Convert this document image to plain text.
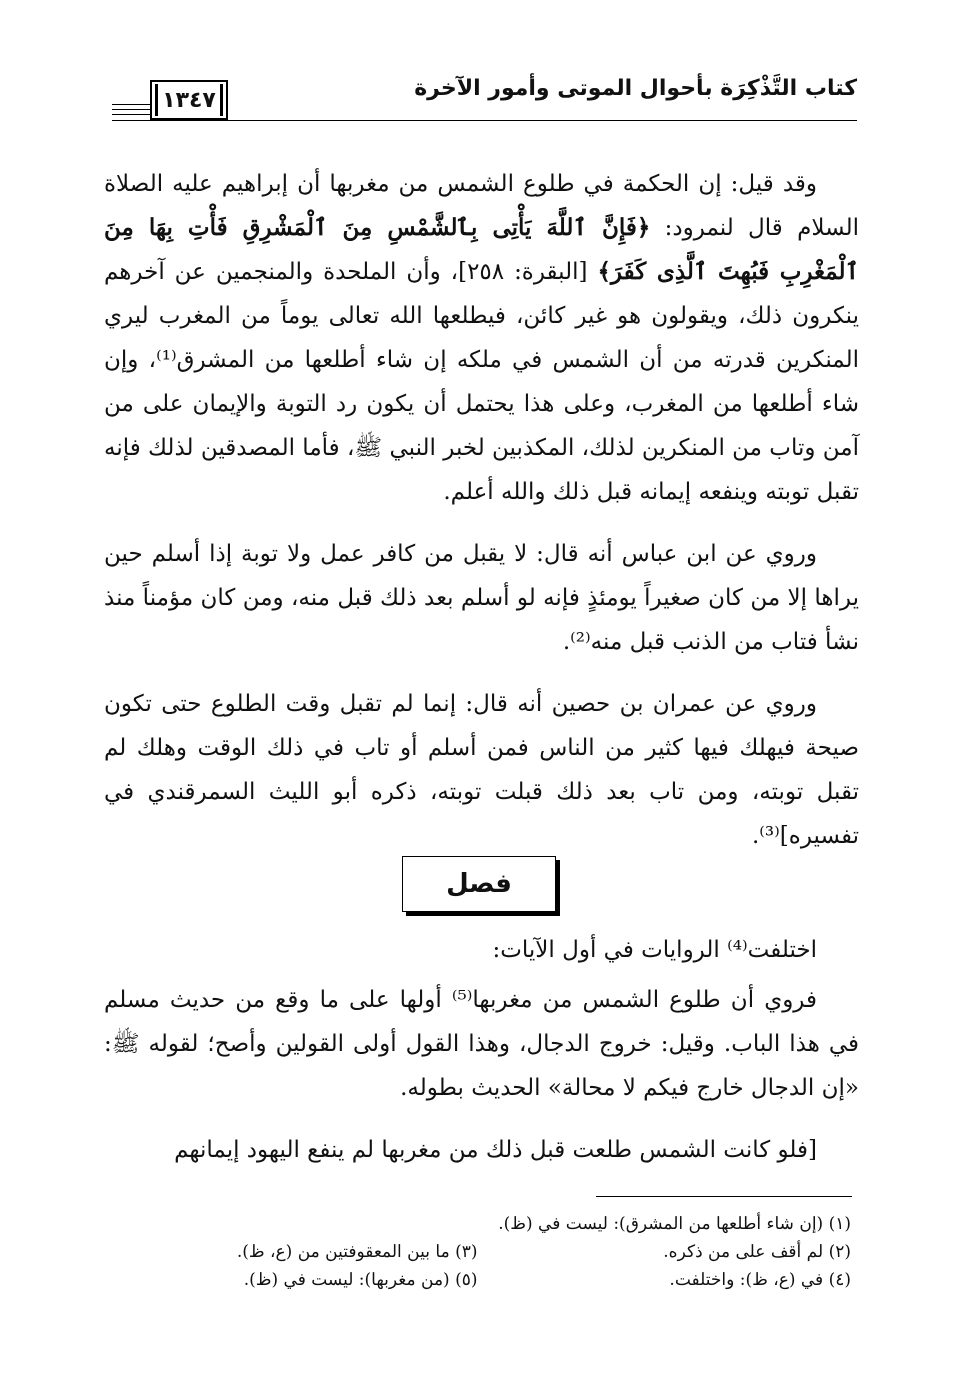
كتاب التَّذْكِرَة بأحوال الموتى وأمور الآخرة
١٣٤٧

وقد قيل: إن الحكمة في طلوع الشمس من مغربها أن إبراهيم عليه الصلاة السلام قال لنمرود: ﴿فَإِنَّ ٱللَّهَ يَأْتِى بِٱلشَّمْسِ مِنَ ٱلْمَشْرِقِ فَأْتِ بِهَا مِنَ ٱلْمَغْرِبِ فَبُهِتَ ٱلَّذِى كَفَرَ﴾ [البقرة: ٢٥٨]، وأن الملحدة والمنجمين عن آخرهم ينكرون ذلك، ويقولون هو غير كائن، فيطلعها الله تعالى يوماً من المغرب ليري المنكرين قدرته من أن الشمس في ملكه إن شاء أطلعها من المشرق⁽¹⁾، وإن شاء أطلعها من المغرب، وعلى هذا يحتمل أن يكون رد التوبة والإيمان على من آمن وتاب من المنكرين لذلك، المكذبين لخبر النبي ﷺ، فأما المصدقين لذلك فإنه تقبل توبته وينفعه إيمانه قبل ذلك والله أعلم.

وروي عن ابن عباس أنه قال: لا يقبل من كافر عمل ولا توبة إذا أسلم حين يراها إلا من كان صغيراً يومئذٍ فإنه لو أسلم بعد ذلك قبل منه، ومن كان مؤمناً منذ نشأ فتاب من الذنب قبل منه⁽²⁾.

وروي عن عمران بن حصين أنه قال: إنما لم تقبل وقت الطلوع حتى تكون صيحة فيهلك فيها كثير من الناس فمن أسلم أو تاب في ذلك الوقت وهلك لم تقبل توبته، ومن تاب بعد ذلك قبلت توبته، ذكره أبو الليث السمرقندي في تفسيره]⁽³⁾.

فصل

اختلفت⁽⁴⁾ الروايات في أول الآيات:

فروي أن طلوع الشمس من مغربها⁽⁵⁾ أولها على ما وقع من حديث مسلم في هذا الباب. وقيل: خروج الدجال، وهذا القول أولى القولين وأصح؛ لقوله ﷺ: «إن الدجال خارج فيكم لا محالة» الحديث بطوله.

[فلو كانت الشمس طلعت قبل ذلك من مغربها لم ينفع اليهود إيمانهم

(١) (إن شاء أطلعها من المشرق): ليست في (ظ).
(٢) لم أقف على من ذكره.
(٣) ما بين المعقوفتين من (ع، ظ).
(٤) في (ع، ظ): واختلفت.
(٥) (من مغربها): ليست في (ظ).
